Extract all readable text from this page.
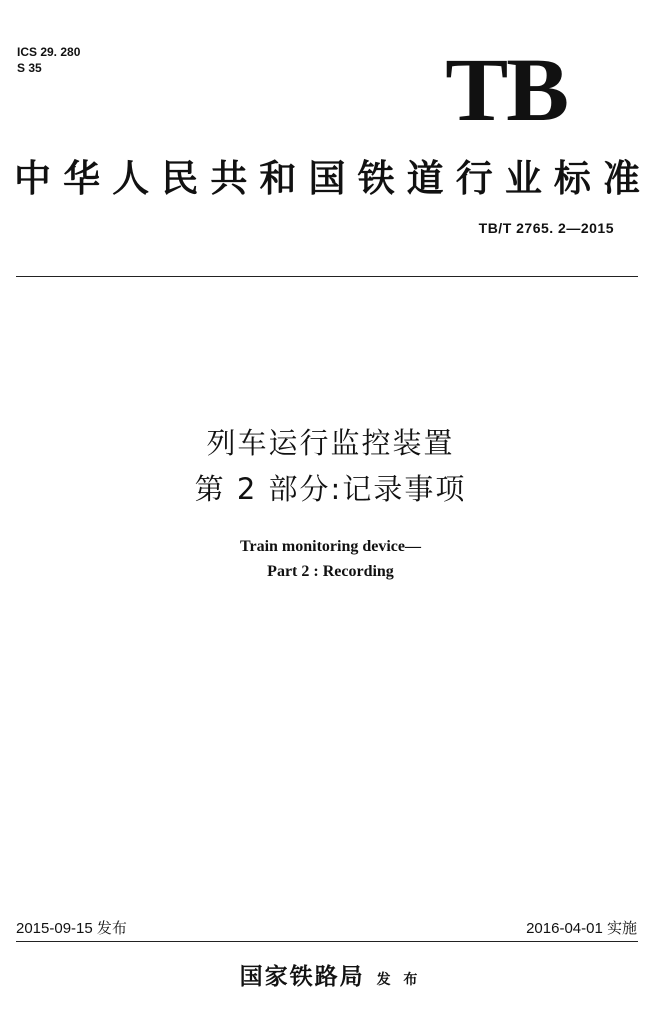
ICS 29. 280
S 35	TB
中华人民共和国铁道行业标准
TB/T 2765. 2—2015
列车运行监控装置
第 2 部分:记录事项
Train monitoring device—
Part 2 : Recording
2015-09-15 发布	2016-04-01 实施
国家铁路局 发 布
